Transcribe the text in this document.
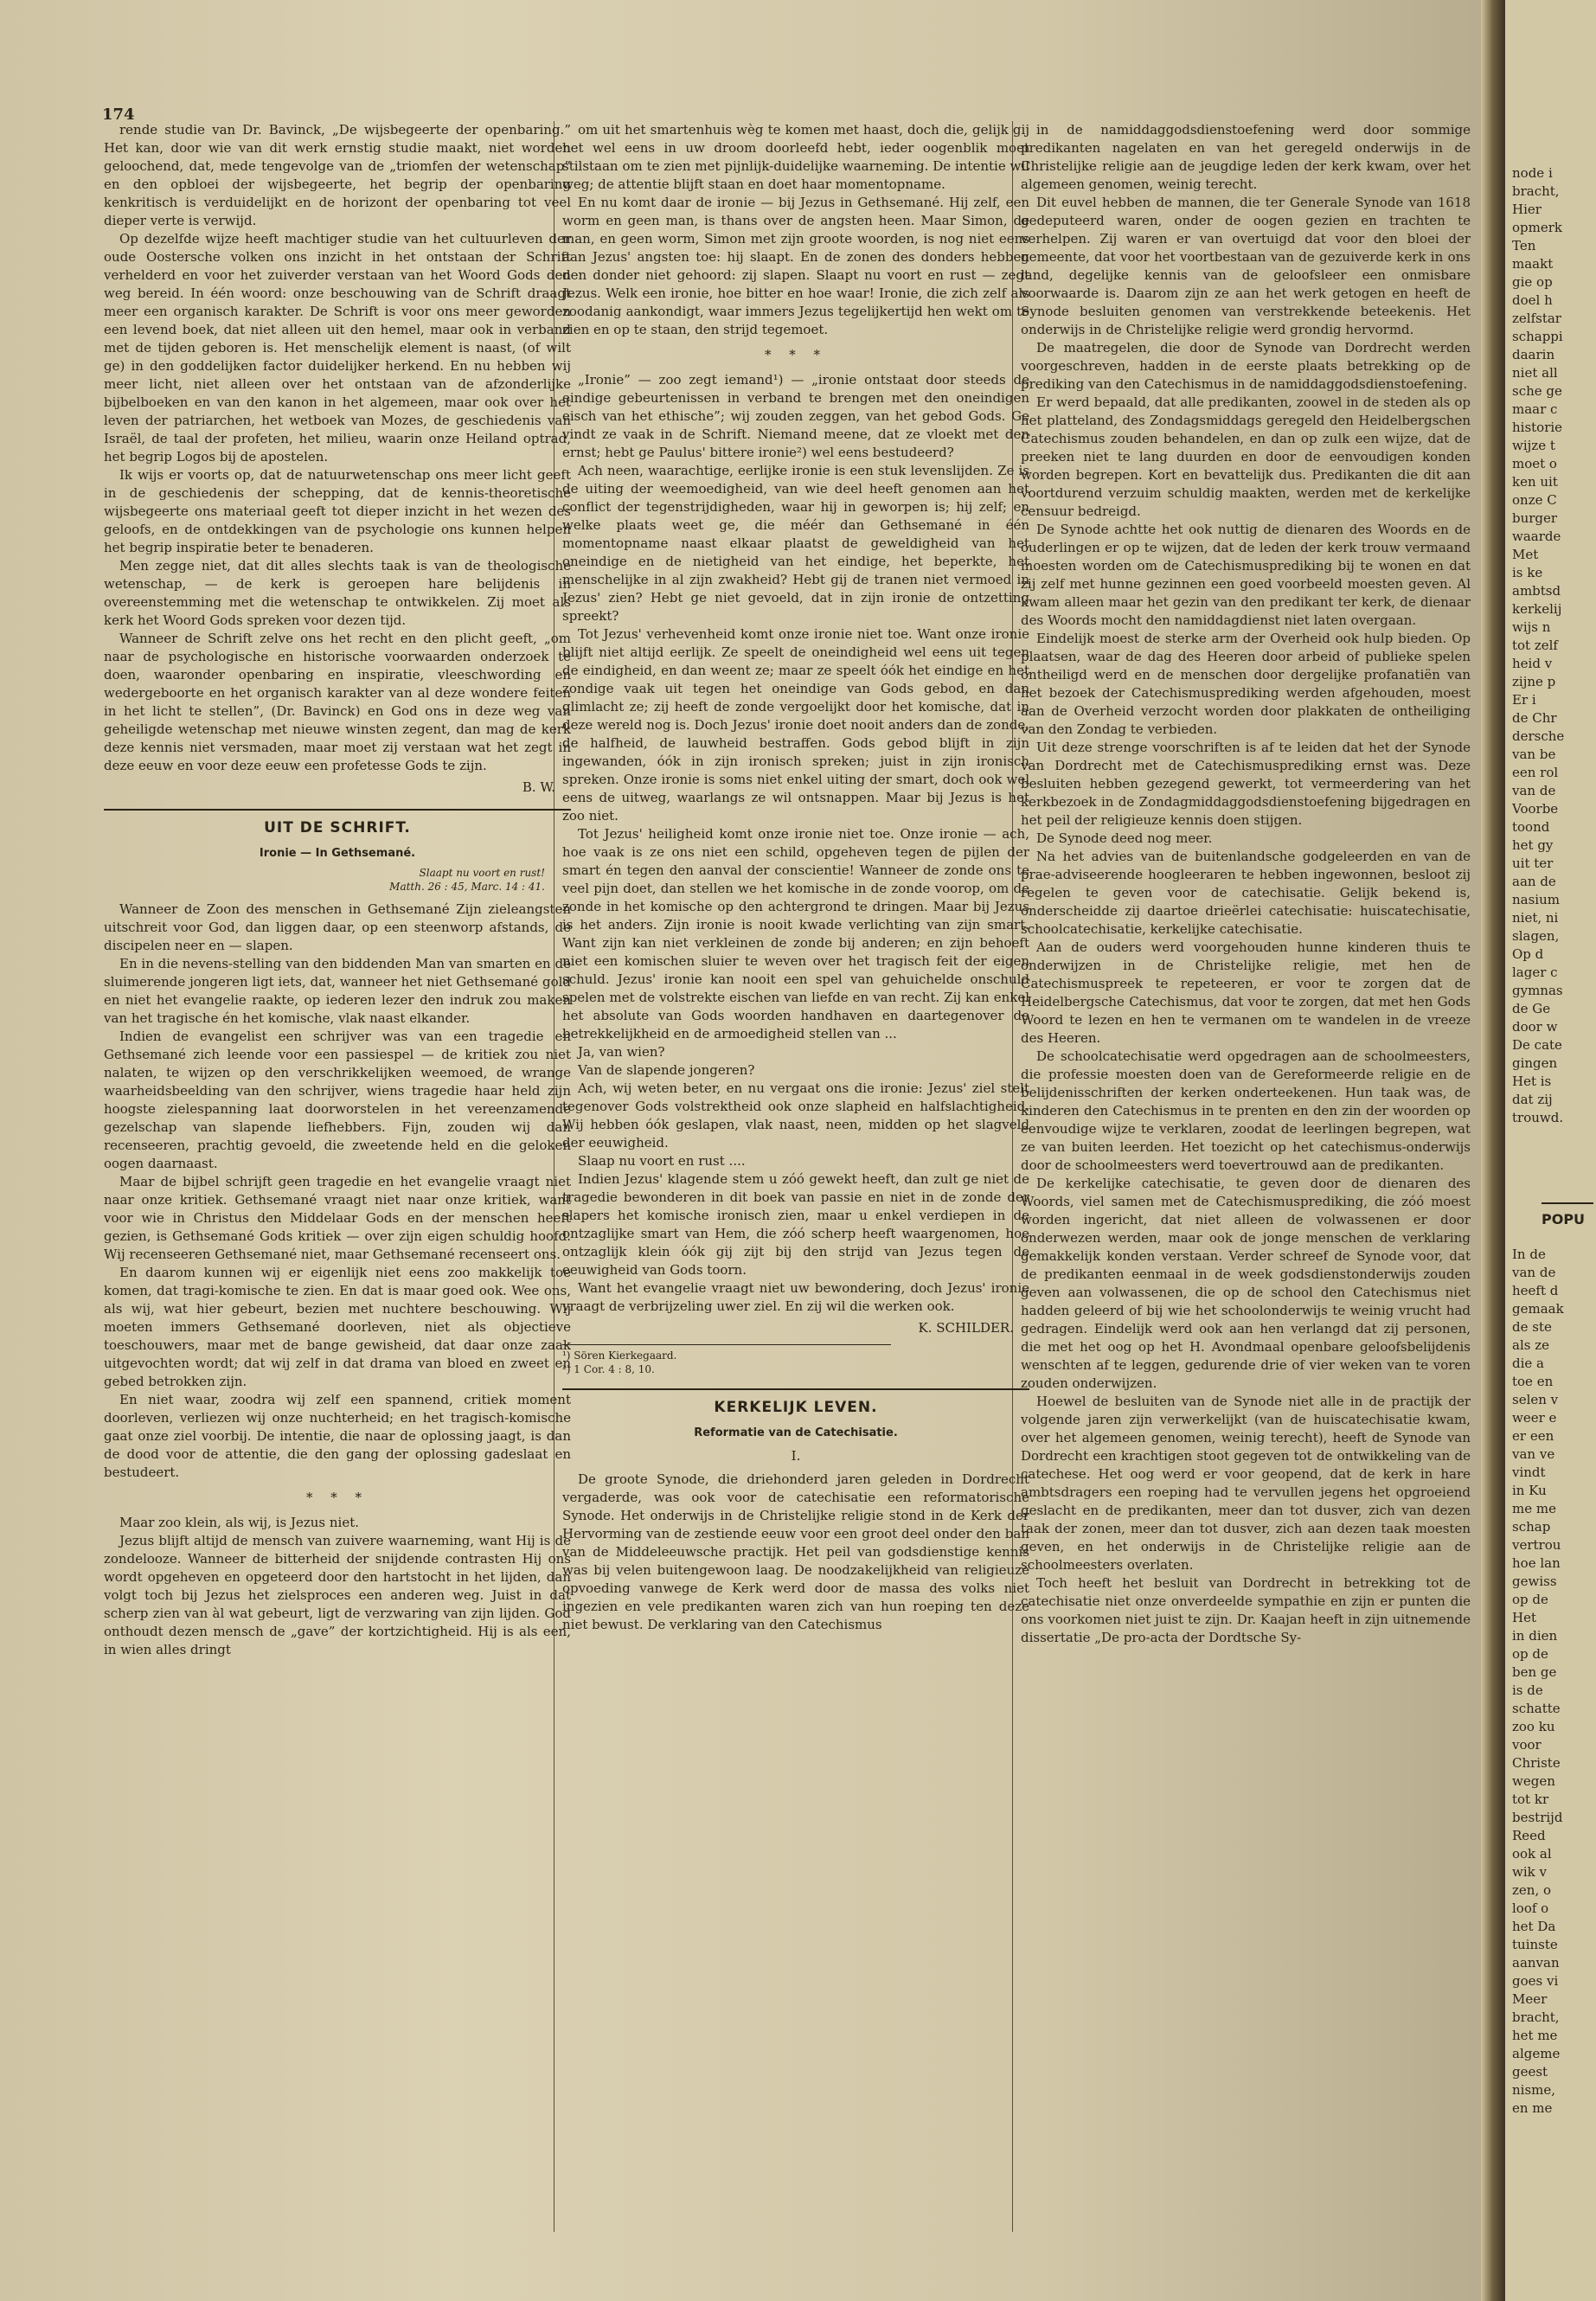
174

rende studie van Dr. Bavinck, „De wijsbegeerte der openbaring.” Het kan, door wie van dit werk ernstig studie maakt, niet worden geloochend, dat, mede tengevolge van de „triomfen der wetenschap” en den opbloei der wijsbegeerte, het begrip der openbaring kenkritisch is verduidelijkt en de horizont der openbaring tot veel dieper verte is verwijd.

Op dezelfde wijze heeft machtiger studie van het cultuurleven der oude Oostersche volken ons inzicht in het ontstaan der Schrift verhelderd en voor het zuiverder verstaan van het Woord Gods den weg bereid. In één woord: onze beschouwing van de Schrift draagt meer een organisch karakter. De Schrift is voor ons meer geworden een levend boek, dat niet alleen uit den hemel, maar ook in verband met de tijden geboren is. Het menschelijk element is naast, (of wilt ge) in den goddelijken factor duidelijker herkend. En nu hebben wij meer licht, niet alleen over het ontstaan van de afzonderlijke bijbelboeken en van den kanon in het algemeen, maar ook over het leven der patriarchen, het wetboek van Mozes, de geschiedenis van Israël, de taal der profeten, het milieu, waarin onze Heiland optrad, het begrip Logos bij de apostelen.

Ik wijs er voorts op, dat de natuurwetenschap ons meer licht geeft in de geschiedenis der schepping, dat de kennis-theoretische wijsbegeerte ons materiaal geeft tot dieper inzicht in het wezen des geloofs, en de ontdekkingen van de psychologie ons kunnen helpen het begrip inspiratie beter te benaderen.

Men zegge niet, dat dit alles slechts taak is van de theologische wetenschap, — de kerk is geroepen hare belijdenis in overeenstemming met die wetenschap te ontwikkelen. Zij moet als kerk het Woord Gods spreken voor dezen tijd.

Wanneer de Schrift zelve ons het recht en den plicht geeft, „om naar de psychologische en historische voorwaarden onderzoek te doen, waaronder openbaring en inspiratie, vleeschwording en wedergeboorte en het organisch karakter van al deze wondere feiten in het licht te stellen”, (Dr. Bavinck) en God ons in deze weg van geheiligde wetenschap met nieuwe winsten zegent, dan mag de kerk deze kennis niet versmaden, maar moet zij verstaan wat het zegt in deze eeuw en voor deze eeuw een profetesse Gods te zijn.

B. W.
UIT DE SCHRIFT.
Ironie — In Gethsemané.
Slaapt nu voort en rust!
Matth. 26 : 45, Marc. 14 : 41.

Wanneer de Zoon des menschen in Gethsemané Zijn zieleangsten uitschreit voor God, dan liggen daar, op een steenworp afstands, de discipelen neer en — slapen.

En in die nevens-stelling van den biddenden Man van smarten en de sluimerende jongeren ligt iets, dat, wanneer het niet Gethsemané gold en niet het evangelie raakte, op iederen lezer den indruk zou maken van het tragische én het komische, vlak naast elkander.

Indien de evangelist een schrijver was van een tragedie en Gethsemané zich leende voor een passiespel — de kritiek zou niet nalaten, te wijzen op den verschrikkelijken weemoed, de wrange waarheidsbeelding van den schrijver, wiens tragedie haar held zijn hoogste zielespanning laat doorworstelen in het vereenzamende gezelschap van slapende liefhebbers. Fijn, zouden wij dan recenseeren, prachtig gevoeld, die zweetende held en die geloken oogen daarnaast.

Maar de bijbel schrijft geen tragedie en het evangelie vraagt niet naar onze kritiek. Gethsemané vraagt niet naar onze kritiek, want voor wie in Christus den Middelaar Gods en der menschen heeft gezien, is Gethsemané Gods kritiek — over zijn eigen schuldig hoofd. Wij recenseeren Gethsemané niet, maar Gethsemané recenseert ons.

En daarom kunnen wij er eigenlijk niet eens zoo makkelijk toe komen, dat tragi-komische te zien. En dat is maar goed ook. Wee ons, als wij, wat hier gebeurt, bezien met nuchtere beschouwing. Wij moeten immers Gethsemané doorleven, niet als objectieve toeschouwers, maar met de bange gewisheid, dat daar onze zaak uitgevochten wordt; dat wij zelf in dat drama van bloed en zweet en gebed betrokken zijn.

En niet waar, zoodra wij zelf een spannend, critiek moment doorleven, verliezen wij onze nuchterheid; en het tragisch-komische gaat onze ziel voorbij. De intentie, die naar de oplossing jaagt, is dan de dood voor de attentie, die den gang der oplossing gadeslaat en bestudeert.

* * *

Maar zoo klein, als wij, is Jezus niet.

Jezus blijft altijd de mensch van zuivere waarneming, want Hij is de zondelooze. Wanneer de bitterheid der snijdende contrasten Hij ons wordt opgeheven en opgeteerd door den hartstocht in het lijden, dan volgt toch bij Jezus het zielsproces een anderen weg. Juist in dat scherp zien van àl wat gebeurt, ligt de verzwaring van zijn lijden. God onthoudt dezen mensch de „gave” der kortzichtigheid. Hij is als een, in wien alles dringt

om uit het smartenhuis wèg te komen met haast, doch die, gelijk gij het wel eens in uw droom doorleefd hebt, ieder oogenblik moet stilstaan om te zien met pijnlijk-duidelijke waarneming. De intentie wil weg; de attentie blijft staan en doet haar momentopname.

En nu komt daar de ironie — bij Jezus in Gethsemané. Hij zelf, een worm en geen man, is thans over de angsten heen. Maar Simon, de man, en geen worm, Simon met zijn groote woorden, is nog niet eens aan Jezus' angsten toe: hij slaapt. En de zonen des donders hebben den donder niet gehoord: zij slapen. Slaapt nu voort en rust — zegt Jezus. Welk een ironie, hoe bitter en hoe waar! Ironie, die zich zelf als zoodanig aankondigt, waar immers Jezus tegelijkertijd hen wekt om te zien en op te staan, den strijd tegemoet.

* * *

„Ironie” — zoo zegt iemand¹) — „ironie ontstaat door steeds de eindige gebeurtenissen in verband te brengen met den oneindigen eisch van het ethische”; wij zouden zeggen, van het gebod Gods. Ge vindt ze vaak in de Schrift. Niemand meene, dat ze vloekt met den ernst; hebt ge Paulus' bittere ironie²) wel eens bestudeerd?

Ach neen, waarachtige, eerlijke ironie is een stuk levenslijden. Ze is de uiting der weemoedigheid, van wie deel heeft genomen aan het conflict der tegenstrijdigheden, waar hij in geworpen is; hij zelf; en welke plaats weet ge, die méér dan Gethsemané in één momentopname naast elkaar plaatst de geweldigheid van het oneindige en de nietigheid van het eindige, het beperkte, het menschelijke in al zijn zwakheid? Hebt gij de tranen niet vermoed in Jezus' zien? Hebt ge niet gevoeld, dat in zijn ironie de ontzetting spreekt?

Tot Jezus' verhevenheid komt onze ironie niet toe. Want onze ironie blijft niet altijd eerlijk. Ze speelt de oneindigheid wel eens uit tegen de eindigheid, en dan weent ze; maar ze speelt óók het eindige en het zondige vaak uit tegen het oneindige van Gods gebod, en dan glimlacht ze; zij heeft de zonde vergoelijkt door het komische, dat in deze wereld nog is. Doch Jezus' ironie doet nooit anders dan de zonde, de halfheid, de lauwheid bestraffen. Gods gebod blijft in zijn ingewanden, óók in zijn ironisch spreken; juist in zijn ironisch spreken. Onze ironie is soms niet enkel uiting der smart, doch ook wel eens de uitweg, waarlangs ze wil ontsnappen. Maar bij Jezus is het zoo niet.

Tot Jezus' heiligheid komt onze ironie niet toe. Onze ironie — ach, hoe vaak is ze ons niet een schild, opgeheven tegen de pijlen der smart én tegen den aanval der conscientie! Wanneer de zonde ons te veel pijn doet, dan stellen we het komische in de zonde voorop, om de zonde in het komische op den achtergrond te dringen. Maar bij Jezus is het anders. Zijn ironie is nooit kwade verlichting van zijn smart. Want zijn kan niet verkleinen de zonde bij anderen; en zijn behoeft niet een komischen sluier te weven over het tragisch feit der eigen schuld. Jezus' ironie kan nooit een spel van gehuichelde onschuld spelen met de volstrekte eischen van liefde en van recht. Zij kan enkel het absolute van Gods woorden handhaven en daartegenover de betrekkelijkheid en de armoedigheid stellen van ...

Ja, van wien?

Van de slapende jongeren?

Ach, wij weten beter, en nu vergaat ons die ironie: Jezus' ziel stelt tegenover Gods volstrektheid ook onze slapheid en halfslachtigheid. Wij hebben óók geslapen, vlak naast, neen, midden op het slagveld der eeuwigheid.

Slaap nu voort en rust ....

Indien Jezus' klagende stem u zóó gewekt heeft, dan zult ge niet de tragedie bewonderen in dit boek van passie en niet in de zonde der slapers het komische ironisch zien, maar u enkel verdiepen in de ontzaglijke smart van Hem, die zóó scherp heeft waargenomen, hoe ontzaglijk klein óók gij zijt bij den strijd van Jezus tegen de eeuwigheid van Gods toorn.

Want het evangelie vraagt niet uw bewondering, doch Jezus' ironie vraagt de verbrijzeling uwer ziel. En zij wil die werken ook.

K. SCHILDER.
¹) Sören Kierkegaard.
²) 1 Cor. 4 : 8, 10.
KERKELIJK LEVEN.
Reformatie van de Catechisatie.
I.

De groote Synode, die driehonderd jaren geleden in Dordrecht vergaderde, was ook voor de catechisatie een reformatorische Synode. Het onderwijs in de Christelijke religie stond in de Kerk der Hervorming van de zestiende eeuw voor een groot deel onder den ban van de Middeleeuwsche practijk. Het peil van godsdienstige kennis was bij velen buitengewoon laag. De noodzakelijkheid van religieuze opvoeding vanwege de Kerk werd door de massa des volks niet ingezien en vele predikanten waren zich van hun roeping ten deze niet bewust. De verklaring van den Catechismus

in de namiddaggodsdienstoefening werd door sommige predikanten nagelaten en van het geregeld onderwijs in de Christelijke religie aan de jeugdige leden der kerk kwam, over het algemeen genomen, weinig terecht.

Dit euvel hebben de mannen, die ter Generale Synode van 1618 gedeputeerd waren, onder de oogen gezien en trachten te verhelpen. Zij waren er van overtuigd dat voor den bloei der gemeente, dat voor het voortbestaan van de gezuiverde kerk in ons land, degelijke kennis van de geloofsleer een onmisbare voorwaarde is. Daarom zijn ze aan het werk getogen en heeft de Synode besluiten genomen van verstrekkende beteekenis. Het onderwijs in de Christelijke religie werd grondig hervormd.

De maatregelen, die door de Synode van Dordrecht werden voorgeschreven, hadden in de eerste plaats betrekking op de prediking van den Catechismus in de namiddaggodsdienstoefening.

Er werd bepaald, dat alle predikanten, zoowel in de steden als op het platteland, des Zondagsmiddags geregeld den Heidelbergschen Catechismus zouden behandelen, en dan op zulk een wijze, dat de preeken niet te lang duurden en door de eenvoudigen konden worden begrepen. Kort en bevattelijk dus. Predikanten die dit aan voortdurend verzuim schuldig maakten, werden met de kerkelijke censuur bedreigd.

De Synode achtte het ook nuttig de dienaren des Woords en de ouderlingen er op te wijzen, dat de leden der kerk trouw vermaand moesten worden om de Catechismusprediking bij te wonen en dat zij zelf met hunne gezinnen een goed voorbeeld moesten geven. Al kwam alleen maar het gezin van den predikant ter kerk, de dienaar des Woords mocht den namiddagdienst niet laten overgaan.

Eindelijk moest de sterke arm der Overheid ook hulp bieden. Op plaatsen, waar de dag des Heeren door arbeid of publieke spelen ontheiligd werd en de menschen door dergelijke profanatiën van het bezoek der Catechismusprediking werden afgehouden, moest aan de Overheid verzocht worden door plakkaten de ontheiliging van den Zondag te verbieden.

Uit deze strenge voorschriften is af te leiden dat het der Synode van Dordrecht met de Catechismusprediking ernst was. Deze besluiten hebben gezegend gewerkt, tot vermeerdering van het kerkbezoek in de Zondagmiddaggodsdienstoefening bijgedragen en het peil der religieuze kennis doen stijgen.

De Synode deed nog meer.

Na het advies van de buitenlandsche godgeleerden en van de prae-adviseerende hoogleeraren te hebben ingewonnen, besloot zij regelen te geven voor de catechisatie. Gelijk bekend is, onderscheidde zij daartoe drieërlei catechisatie: huiscatechisatie, schoolcatechisatie, kerkelijke catechisatie.

Aan de ouders werd voorgehouden hunne kinderen thuis te onderwijzen in de Christelijke religie, met hen de Catechismuspreek te repeteeren, er voor te zorgen dat de Heidelbergsche Catechismus, dat voor te zorgen, dat met hen Gods Woord te lezen en hen te vermanen om te wandelen in de vreeze des Heeren.

De schoolcatechisatie werd opgedragen aan de schoolmeesters, die professie moesten doen van de Gereformeerde religie en de belijdenisschriften der kerken onderteekenen. Hun taak was, de kinderen den Catechismus in te prenten en den zin der woorden op eenvoudige wijze te verklaren, zoodat de leerlingen begrepen, wat ze van buiten leerden. Het toezicht op het catechismus-onderwijs door de schoolmeesters werd toevertrouwd aan de predikanten.

De kerkelijke catechisatie, te geven door de dienaren des Woords, viel samen met de Catechismusprediking, die zóó moest worden ingericht, dat niet alleen de volwassenen er door onderwezen werden, maar ook de jonge menschen de verklaring gemakkelijk konden verstaan. Verder schreef de Synode voor, dat de predikanten eenmaal in de week godsdienstonderwijs zouden geven aan volwassenen, die op de school den Catechismus niet hadden geleerd of bij wie het schoolonderwijs te weinig vrucht had gedragen. Eindelijk werd ook aan hen verlangd dat zij personen, die met het oog op het H. Avondmaal openbare geloofsbelijdenis wenschten af te leggen, gedurende drie of vier weken van te voren zouden onderwijzen.

Hoewel de besluiten van de Synode niet alle in de practijk der volgende jaren zijn verwerkelijkt (van de huiscatechisatie kwam, over het algemeen genomen, weinig terecht), heeft de Synode van Dordrecht een krachtigen stoot gegeven tot de ontwikkeling van de catechese. Het oog werd er voor geopend, dat de kerk in hare ambtsdragers een roeping had te vervullen jegens het opgroeiend geslacht en de predikanten, meer dan tot dusver, zich van dezen taak der zonen, meer dan tot dusver, zich aan dezen taak moesten geven, en het onderwijs in de Christelijke religie aan de schoolmeesters overlaten.

Toch heeft het besluit van Dordrecht in betrekking tot de catechisatie niet onze onverdeelde sympathie en zijn er punten die ons voorkomen niet juist te zijn. Dr. Kaajan heeft in zijn uitnemende dissertatie „De pro-acta der Dordtsche Sy-

node i
bracht,
Hier
opmerk
Ten
maakt
gie op
doel h
zelfstar
schappi
daarin
niet all
sche ge
maar c
historie
wijze t
moet o
ken uit
onze C
burger
waarde
Met
is ke
ambtsd
kerkelij
wijs n
tot zelf
heid v
zijne p
Er i
de Chr
dersche
van be
een rol
van de
Voorbe
toond
het gy
uit ter
aan de
nasium
niet, ni
slagen,
Op d
lager c
gymnas
de Ge
door w
De cate
gingen
Het is
dat zij
trouwd.
POPU
In de
van de
heeft d
gemaak
de ste
als ze
die a
toe en
selen v
weer e
er een
van ve
vindt
in Ku
me me
schap
vertrou
hoe lan
gewiss
op de
Het
in dien
op de
ben ge
is de
schatte
zoo ku
voor
Christe
wegen
tot kr
bestrijd
Reed
ook al
wik v
zen, o
loof o
het Da
tuinste
aanvan
goes vi
Meer
bracht,
het me
algeme
geest
nisme,
en me
